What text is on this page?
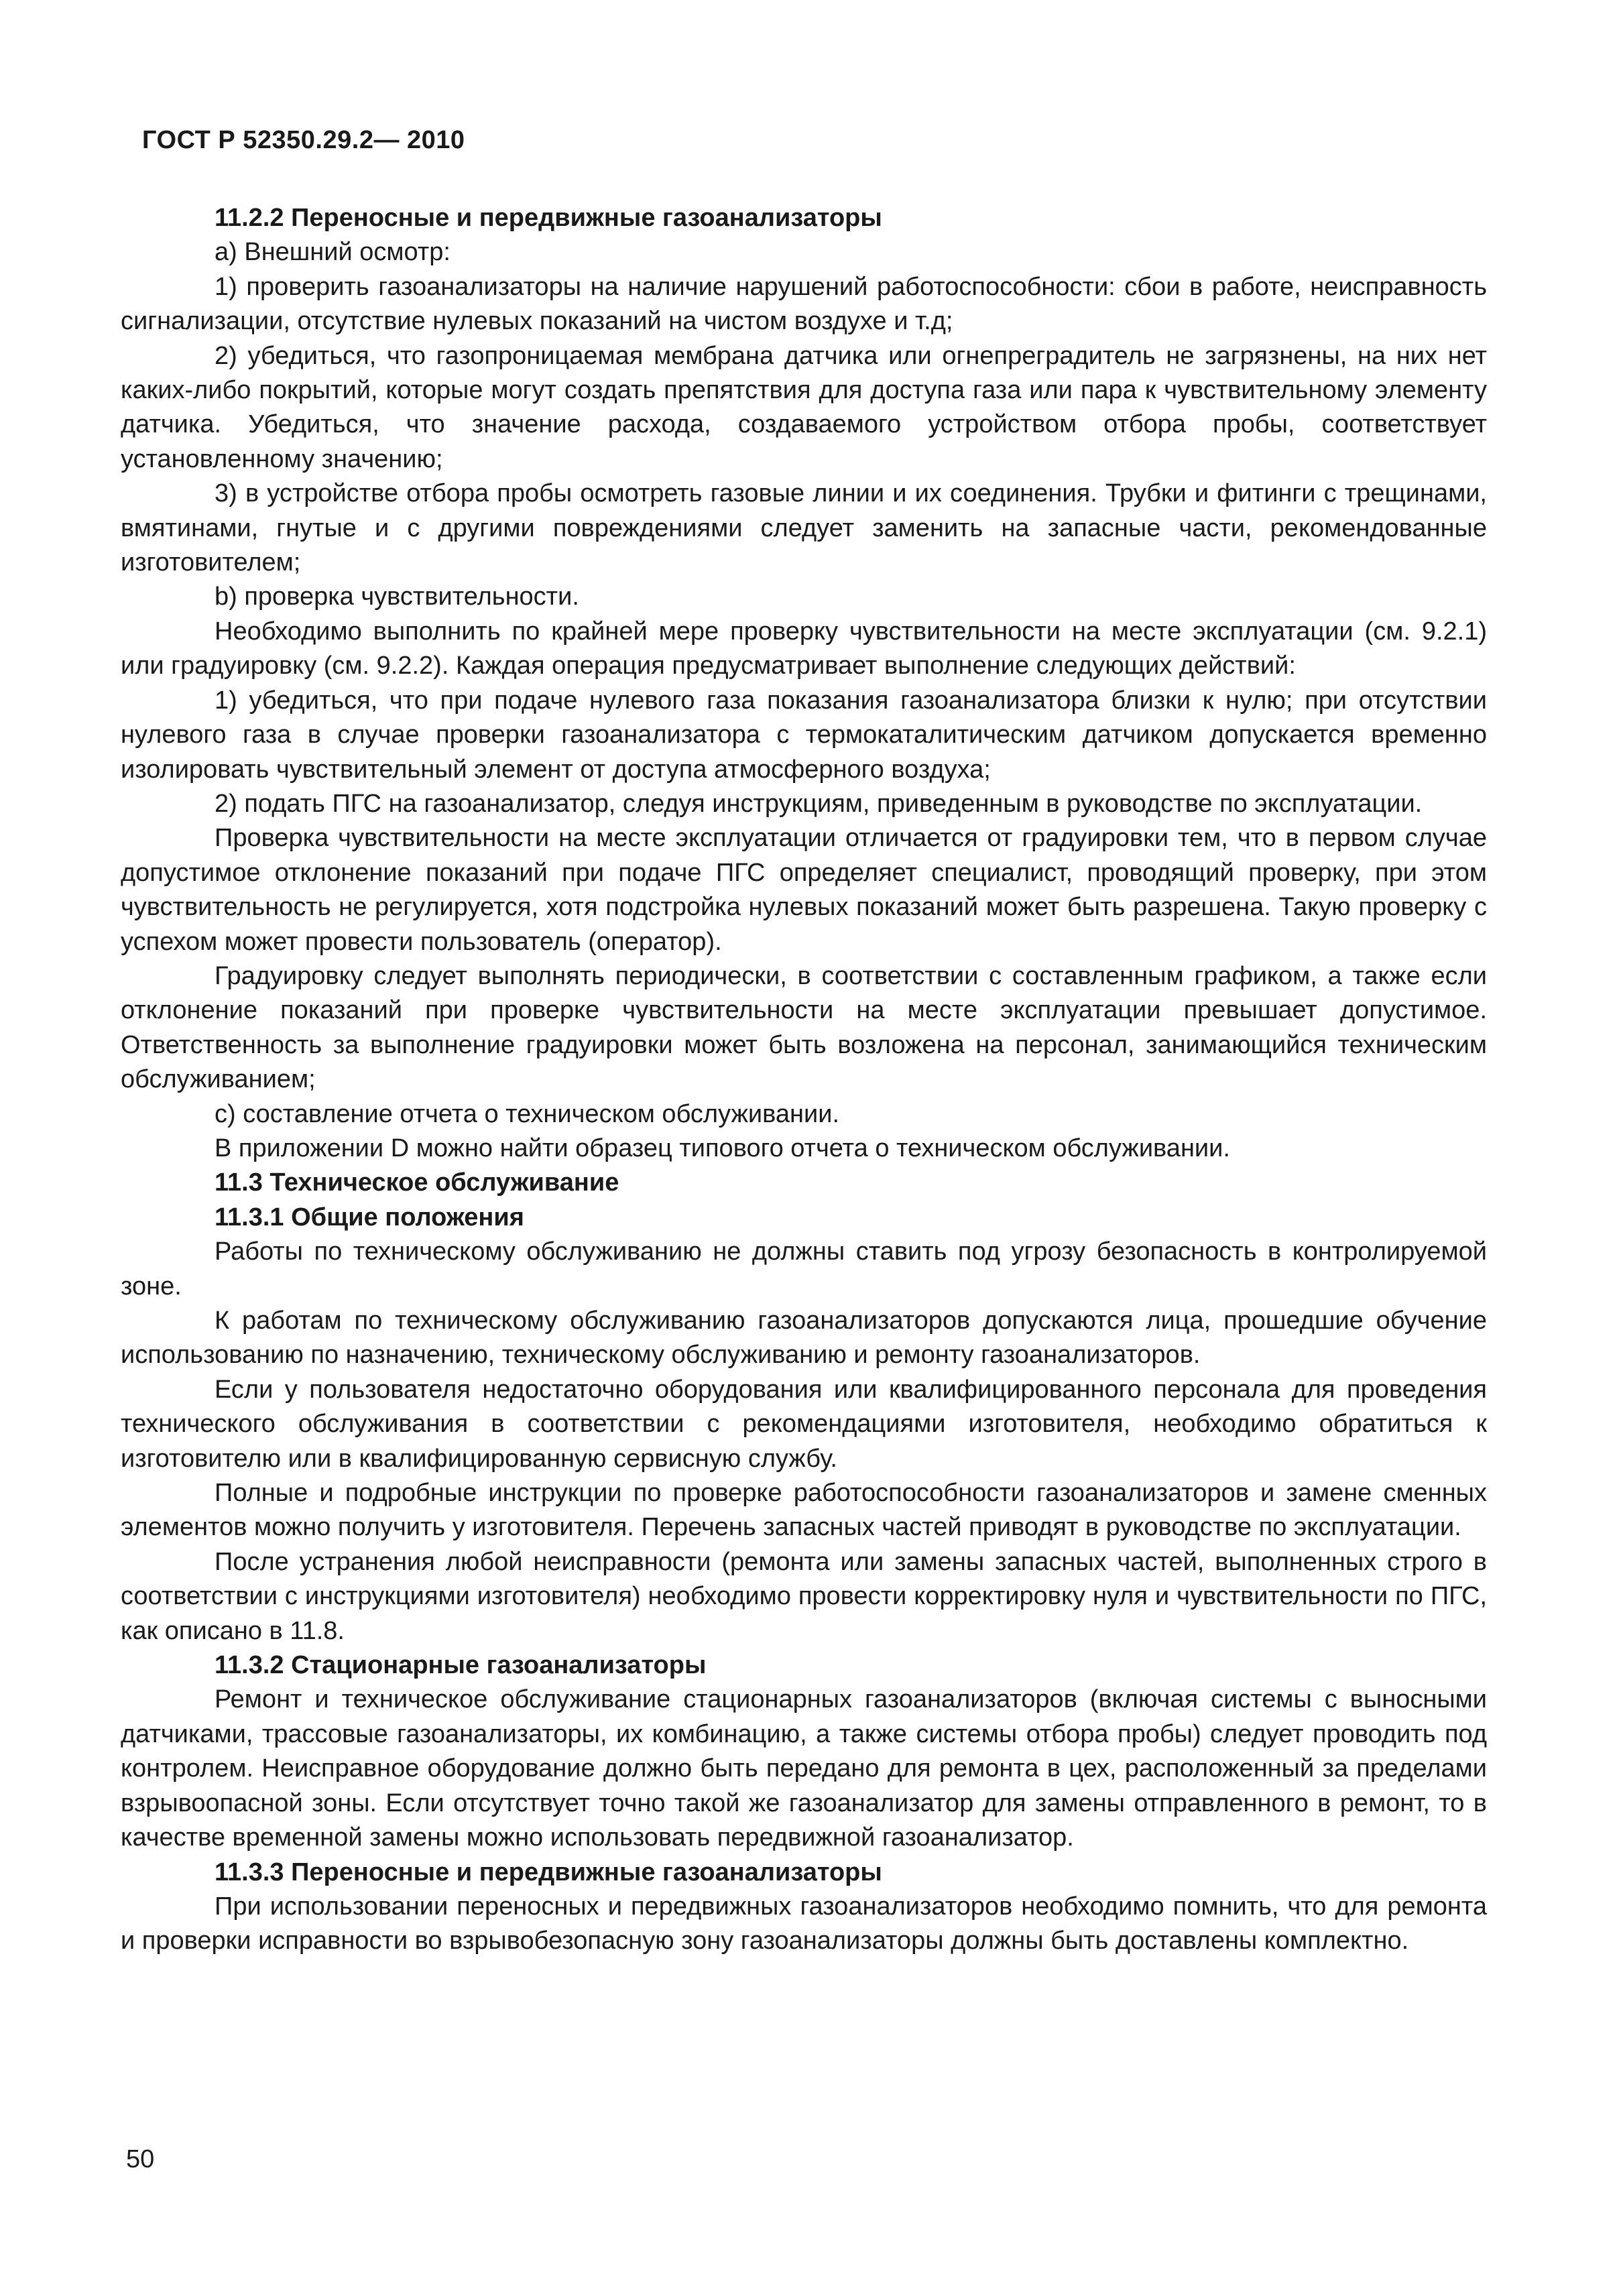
ГОСТ Р 52350.29.2— 2010

11.2.2 Переносные и передвижные газоанализаторы

а) Внешний осмотр:

1) проверить газоанализаторы на наличие нарушений работоспособности: сбои в работе, неисправность сигнализации, отсутствие нулевых показаний на чистом воздухе и т.д;

2) убедиться, что газопроницаемая мембрана датчика или огнепреградитель не загрязнены, на них нет каких-либо покрытий, которые могут создать препятствия для доступа газа или пара к чувствительному элементу датчика. Убедиться, что значение расхода, создаваемого устройством отбора пробы, соответствует установленному значению;

3) в устройстве отбора пробы осмотреть газовые линии и их соединения. Трубки и фитинги с трещинами, вмятинами, гнутые и с другими повреждениями следует заменить на запасные части, рекомендованные изготовителем;

b) проверка чувствительности.

Необходимо выполнить по крайней мере проверку чувствительности на месте эксплуатации (см. 9.2.1) или градуировку (см. 9.2.2). Каждая операция предусматривает выполнение следующих действий:

1) убедиться, что при подаче нулевого газа показания газоанализатора близки к нулю; при отсутствии нулевого газа в случае проверки газоанализатора с термокаталитическим датчиком допускается временно изолировать чувствительный элемент от доступа атмосферного воздуха;

2) подать ПГС на газоанализатор, следуя инструкциям, приведенным в руководстве по эксплуатации.

Проверка чувствительности на месте эксплуатации отличается от градуировки тем, что в первом случае допустимое отклонение показаний при подаче ПГС определяет специалист, проводящий проверку, при этом чувствительность не регулируется, хотя подстройка нулевых показаний может быть разрешена. Такую проверку с успехом может провести пользователь (оператор).

Градуировку следует выполнять периодически, в соответствии с составленным графиком, а также если отклонение показаний при проверке чувствительности на месте эксплуатации превышает допустимое. Ответственность за выполнение градуировки может быть возложена на персонал, занимающийся техническим обслуживанием;

c) составление отчета о техническом обслуживании.

В приложении D можно найти образец типового отчета о техническом обслуживании.

11.3 Техническое обслуживание

11.3.1 Общие положения

Работы по техническому обслуживанию не должны ставить под угрозу безопасность в контролируемой зоне.

К работам по техническому обслуживанию газоанализаторов допускаются лица, прошедшие обучение использованию по назначению, техническому обслуживанию и ремонту газоанализаторов.

Если у пользователя недостаточно оборудования или квалифицированного персонала для проведения технического обслуживания в соответствии с рекомендациями изготовителя, необходимо обратиться к изготовителю или в квалифицированную сервисную службу.

Полные и подробные инструкции по проверке работоспособности газоанализаторов и замене сменных элементов можно получить у изготовителя. Перечень запасных частей приводят в руководстве по эксплуатации.

После устранения любой неисправности (ремонта или замены запасных частей, выполненных строго в соответствии с инструкциями изготовителя) необходимо провести корректировку нуля и чувствительности по ПГС, как описано в 11.8.

11.3.2 Стационарные газоанализаторы

Ремонт и техническое обслуживание стационарных газоанализаторов (включая системы с выносными датчиками, трассовые газоанализаторы, их комбинацию, а также системы отбора пробы) следует проводить под контролем. Неисправное оборудование должно быть передано для ремонта в цех, расположенный за пределами взрывоопасной зоны. Если отсутствует точно такой же газоанализатор для замены отправленного в ремонт, то в качестве временной замены можно использовать передвижной газоанализатор.

11.3.3 Переносные и передвижные газоанализаторы

При использовании переносных и передвижных газоанализаторов необходимо помнить, что для ремонта и проверки исправности во взрывобезопасную зону газоанализаторы должны быть доставлены комплектно.

50
